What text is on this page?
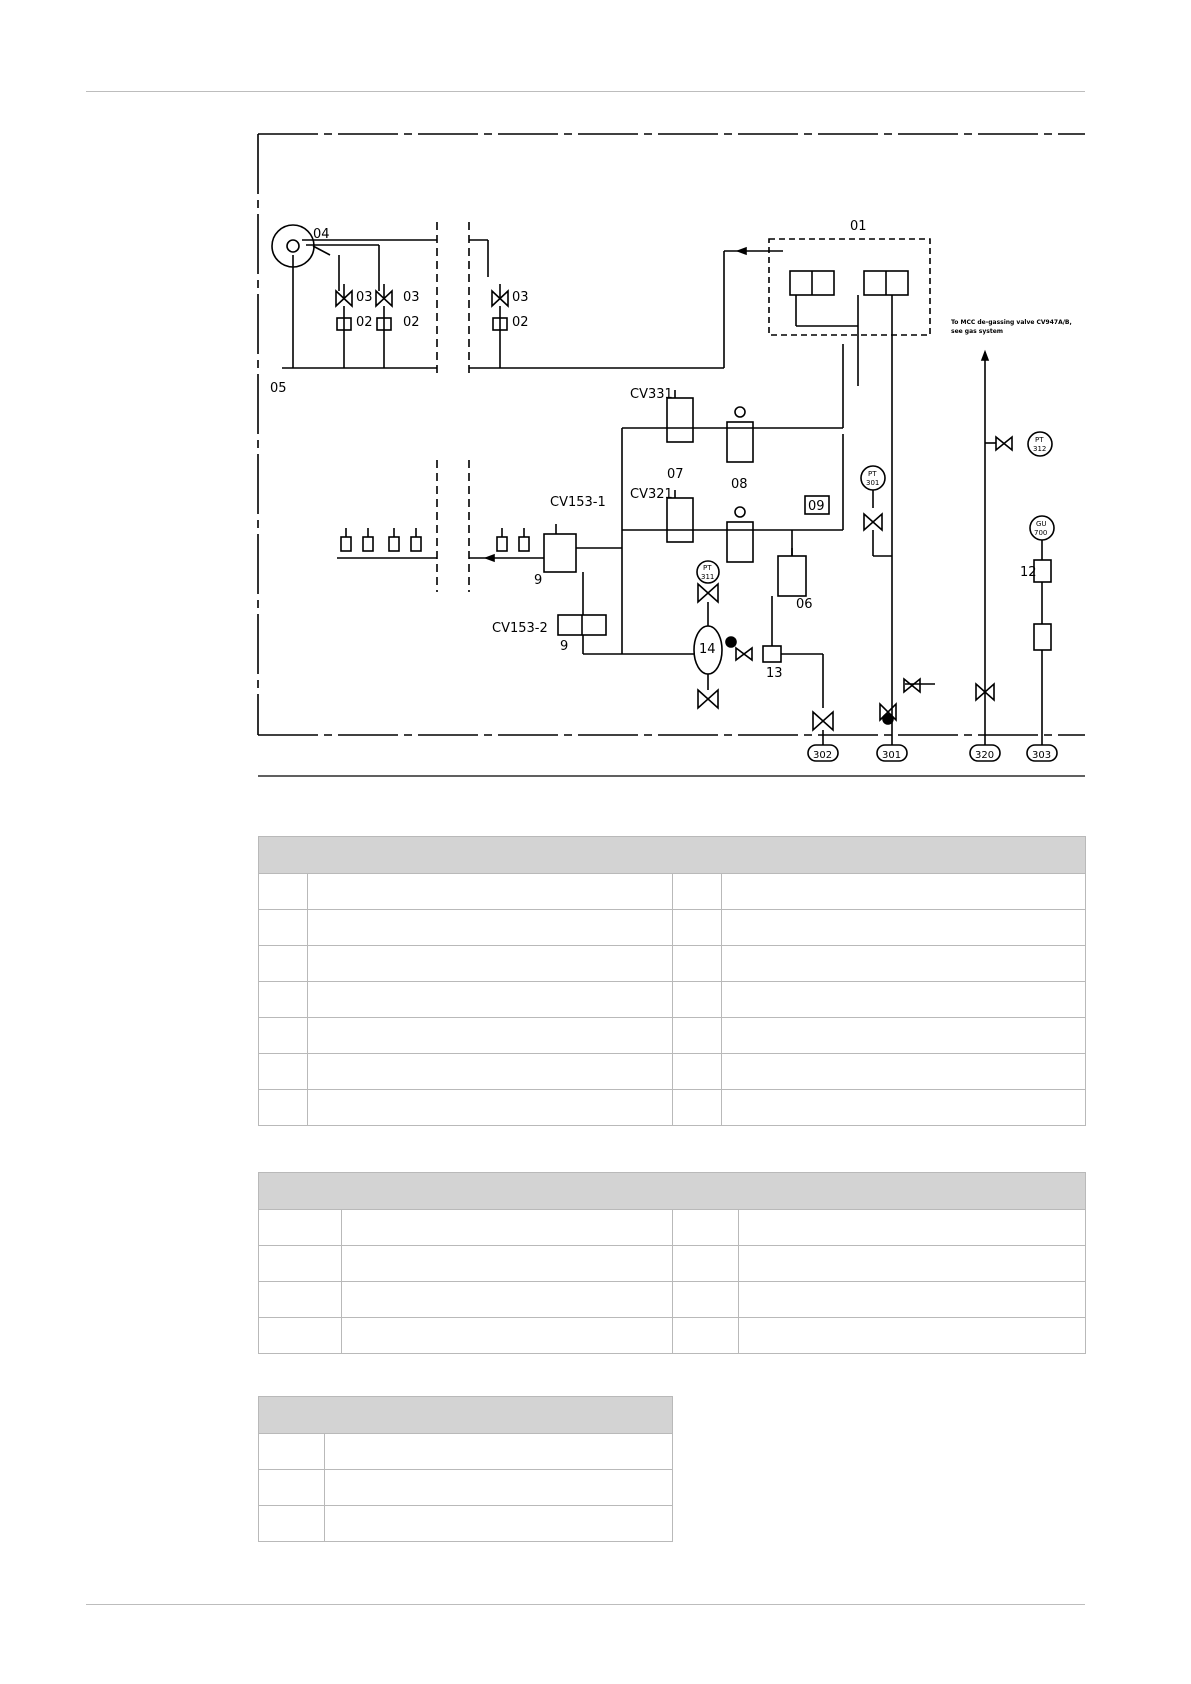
01
04
05
03 03	03
02 02	02
06
07
08
09
12
13
14
9
9
CV331
CV321
CV153-1
CV153-2
PT
301
PT
311
PT
312
GU
700
302	301	320	303
To MCC de-gassing valve CV947A/B,
see gas system
